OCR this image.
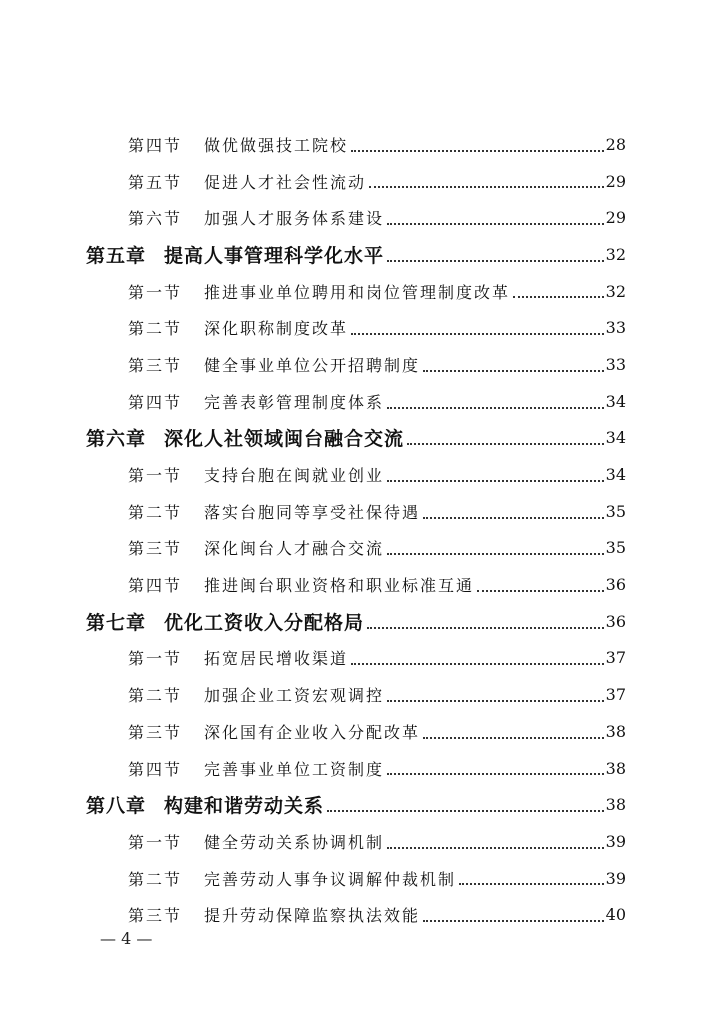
第四节	做优做强技工院校	28
第五节	促进人才社会性流动	29
第六节	加强人才服务体系建设	29
第五章 提高人事管理科学化水平	32
第一节	推进事业单位聘用和岗位管理制度改革	32
第二节	深化职称制度改革	33
第三节	健全事业单位公开招聘制度	33
第四节	完善表彰管理制度体系	34
第六章 深化人社领域闽台融合交流	34
第一节	支持台胞在闽就业创业	34
第二节	落实台胞同等享受社保待遇	35
第三节	深化闽台人才融合交流	35
第四节	推进闽台职业资格和职业标准互通	36
第七章 优化工资收入分配格局	36
第一节	拓宽居民增收渠道	37
第二节	加强企业工资宏观调控	37
第三节	深化国有企业收入分配改革	38
第四节	完善事业单位工资制度	38
第八章 构建和谐劳动关系	38
第一节	健全劳动关系协调机制	39
第二节	完善劳动人事争议调解仲裁机制	39
第三节	提升劳动保障监察执法效能	40
— 4 —
